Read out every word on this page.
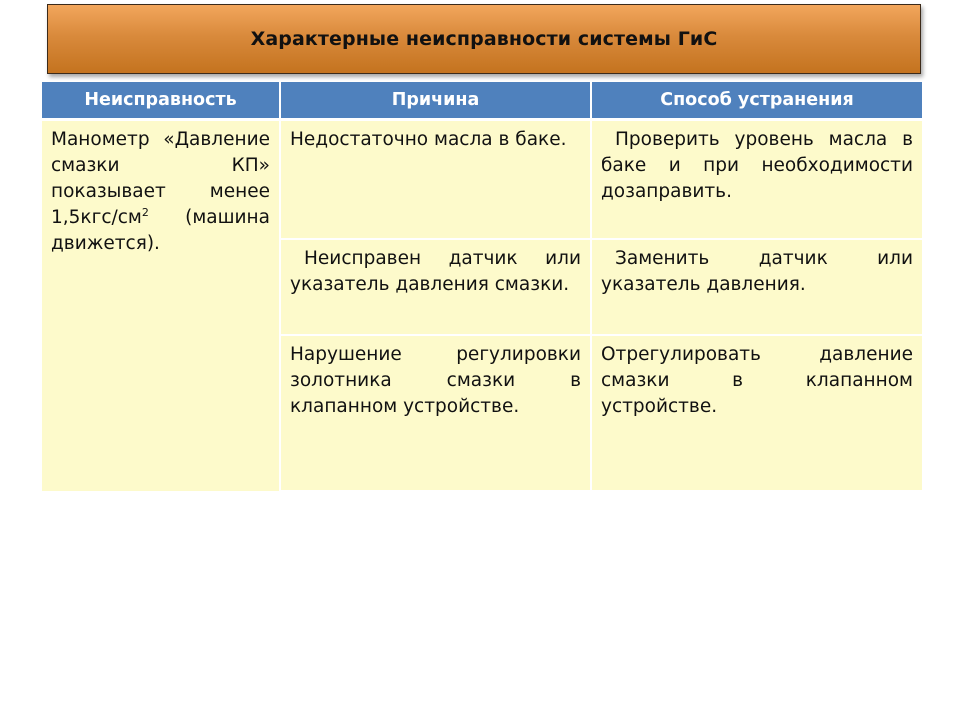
Характерные неисправности системы ГиС
Неисправность	Причина	Способ устранения
Манометр «Давление смазки КП» показывает менее $1,5кгс/см^2$ (машина движется).	Недостаточно масла в баке.	Проверить уровень масла в баке и при необходимости дозаправить.
	Неисправен датчик или указатель давления смазки.	Заменить датчик или указатель давления.
	Нарушение регулировки золотника смазки в клапанном устройстве.	Отрегулировать давление смазки в клапанном устройстве.
